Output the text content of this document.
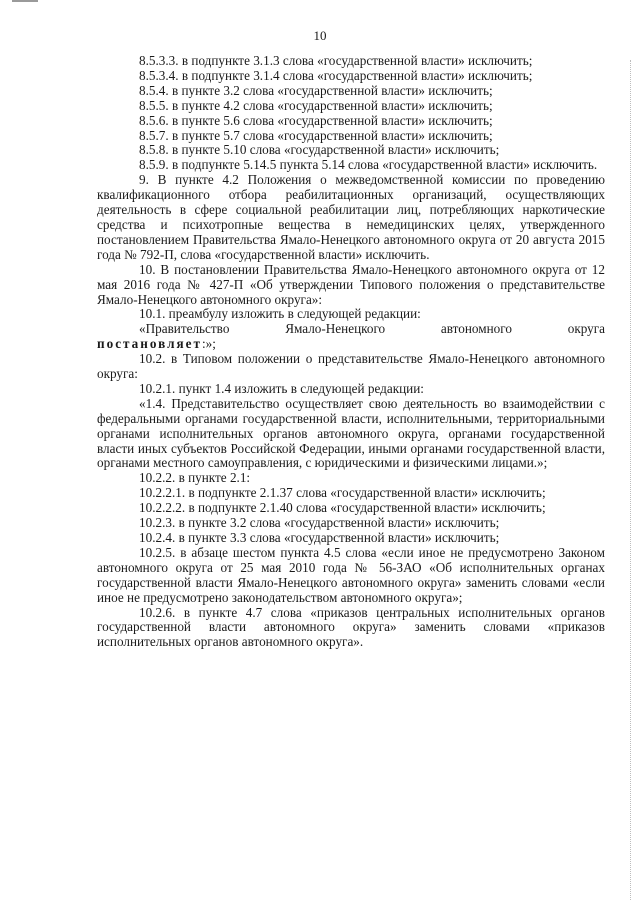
10

8.5.3.3. в подпункте 3.1.3 слова «государственной власти» исключить;

8.5.3.4. в подпункте 3.1.4 слова «государственной власти» исключить;

8.5.4. в пункте 3.2 слова «государственной власти» исключить;

8.5.5. в пункте 4.2 слова «государственной власти» исключить;

8.5.6. в пункте 5.6 слова «государственной власти» исключить;

8.5.7. в пункте 5.7 слова «государственной власти» исключить;

8.5.8. в пункте 5.10 слова «государственной власти» исключить;

8.5.9. в подпункте 5.14.5 пункта 5.14 слова «государственной власти» исключить.

9. В пункте 4.2 Положения о межведомственной комиссии по проведению квалификационного отбора реабилитационных организаций, осуществляющих деятельность в сфере социальной реабилитации лиц, потребляющих наркотические средства и психотропные вещества в немедицинских целях, утвержденного постановлением Правительства Ямало-Ненецкого автономного округа от 20 августа 2015 года № 792-П, слова «государственной власти» исключить.

10. В постановлении Правительства Ямало-Ненецкого автономного округа от 12 мая 2016 года № 427-П «Об утверждении Типового положения о представительстве Ямало-Ненецкого автономного округа»:

10.1. преамбулу изложить в следующей редакции:

«Правительство Ямало-Ненецкого автономного округа

постановляет:»;

10.2. в Типовом положении о представительстве Ямало-Ненецкого автономного округа:

10.2.1. пункт 1.4 изложить в следующей редакции:

«1.4. Представительство осуществляет свою деятельность во взаимодействии с федеральными органами государственной власти, исполнительными, территориальными органами исполнительных органов автономного округа, органами государственной власти иных субъектов Российской Федерации, иными органами государственной власти, органами местного самоуправления, с юридическими и физическими лицами.»;

10.2.2. в пункте 2.1:

10.2.2.1. в подпункте 2.1.37 слова «государственной власти» исключить;

10.2.2.2. в подпункте 2.1.40 слова «государственной власти» исключить;

10.2.3. в пункте 3.2 слова «государственной власти» исключить;

10.2.4. в пункте 3.3 слова «государственной власти» исключить;

10.2.5. в абзаце шестом пункта 4.5 слова «если иное не предусмотрено Законом автономного округа от 25 мая 2010 года № 56-ЗАО «Об исполнительных органах государственной власти Ямало-Ненецкого автономного округа» заменить словами «если иное не предусмотрено законодательством автономного округа»;

10.2.6. в пункте 4.7 слова «приказов центральных исполнительных органов государственной власти автономного округа» заменить словами «приказов исполнительных органов автономного округа».
